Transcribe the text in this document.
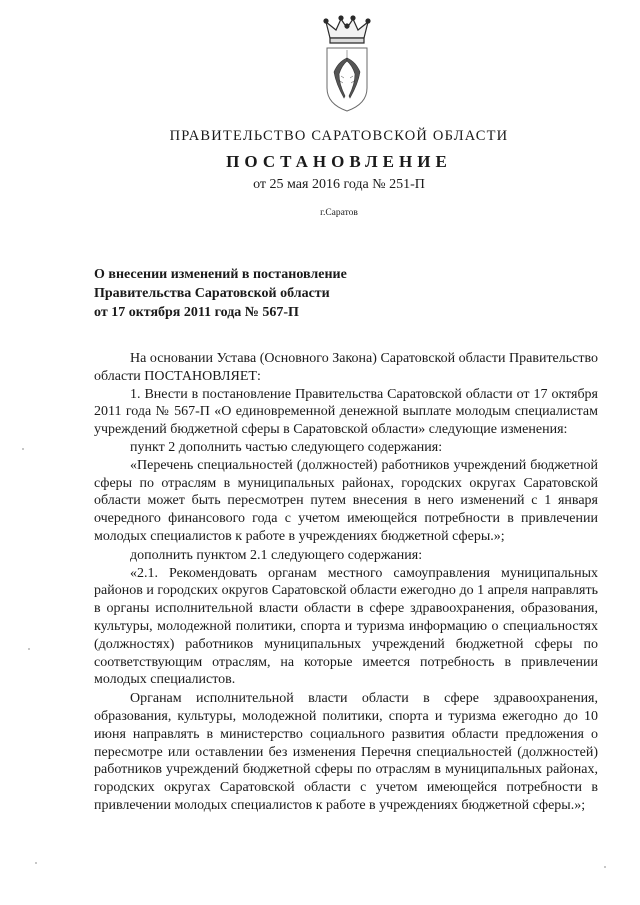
ПРАВИТЕЛЬСТВО САРАТОВСКОЙ ОБЛАСТИ
ПОСТАНОВЛЕНИЕ
от 25 мая 2016 года № 251-П
г.Саратов
О внесении изменений в постановление
Правительства Саратовской области
от 17 октября 2011 года № 567-П

На основании Устава (Основного Закона) Саратовской области Правительство области ПОСТАНОВЛЯЕТ:

1. Внести в постановление Правительства Саратовской области от 17 октября 2011 года № 567-П «О единовременной денежной выплате молодым специалистам учреждений бюджетной сферы в Саратовской области» следующие изменения:

пункт 2 дополнить частью следующего содержания:

«Перечень специальностей (должностей) работников учреждений бюджетной сферы по отраслям в муниципальных районах, городских округах Саратовской области может быть пересмотрен путем внесения в него изменений с 1 января очередного финансового года с учетом имеющейся потребности в привлечении молодых специалистов к работе в учреждениях бюджетной сферы.»;

дополнить пунктом 2.1 следующего содержания:

«2.1. Рекомендовать органам местного самоуправления муниципальных районов и городских округов Саратовской области ежегодно до 1 апреля направлять в органы исполнительной власти области в сфере здравоохранения, образования, культуры, молодежной политики, спорта и туризма информацию о специальностях (должностях) работников муниципальных учреждений бюджетной сферы по соответствующим отраслям, на которые имеется потребность в привлечении молодых специалистов.

Органам исполнительной власти области в сфере здравоохранения, образования, культуры, молодежной политики, спорта и туризма ежегодно до 10 июня направлять в министерство социального развития области предложения о пересмотре или оставлении без изменения Перечня специальностей (должностей) работников учреждений бюджетной сферы по отраслям в муниципальных районах, городских округах Саратовской области с учетом имеющейся потребности в привлечении молодых специалистов к работе в учреждениях бюджетной сферы.»;
